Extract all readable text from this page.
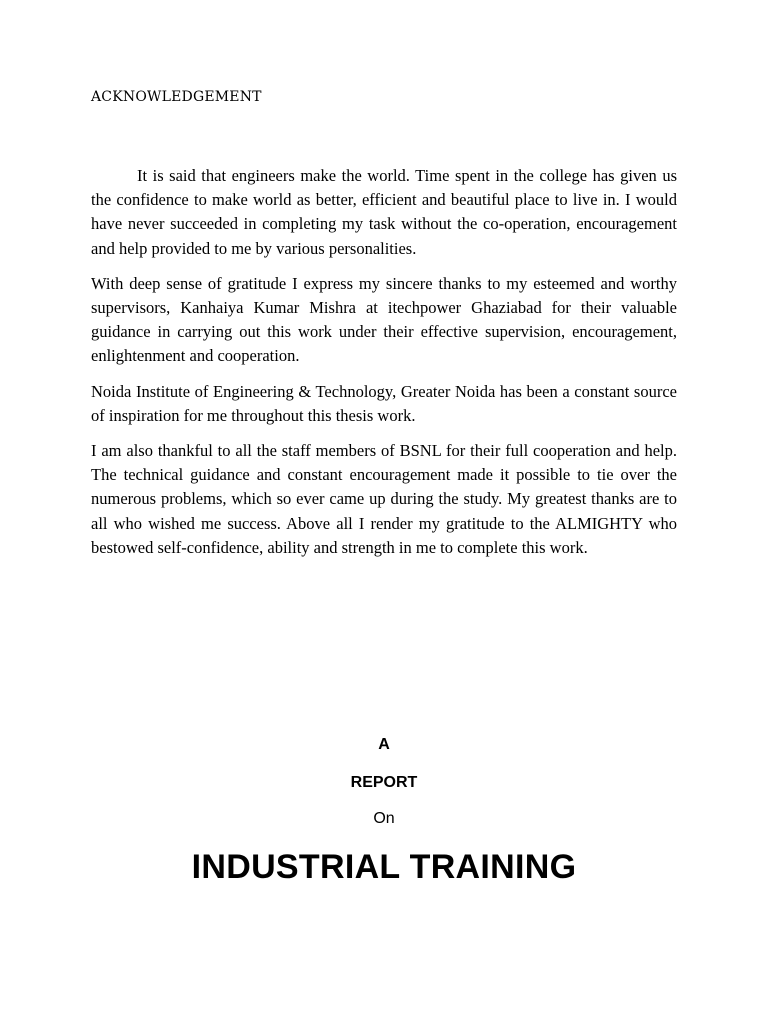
ACKNOWLEDGEMENT

It is said that engineers make the world. Time spent in the college has given us the confidence to make world as better, efficient and beautiful place to live in. I would have never succeeded in completing my task without the co-operation, encouragement and help provided to me by various personalities.

With deep sense of gratitude I express my sincere thanks to my esteemed and worthy supervisors, Kanhaiya Kumar Mishra at itechpower Ghaziabad for their valuable guidance in carrying out this work under their effective supervision, encouragement, enlightenment and cooperation.

Noida Institute of Engineering & Technology, Greater Noida has been a constant source of inspiration for me throughout this thesis work.

I am also thankful to all the staff members of BSNL for their full cooperation and help. The technical guidance and constant encouragement made it possible to tie over the numerous problems, which so ever came up during the study. My greatest thanks are to all who wished me success. Above all I render my gratitude to the ALMIGHTY who bestowed self-confidence, ability and strength in me to complete this work.

A
REPORT
On
INDUSTRIAL TRAINING
